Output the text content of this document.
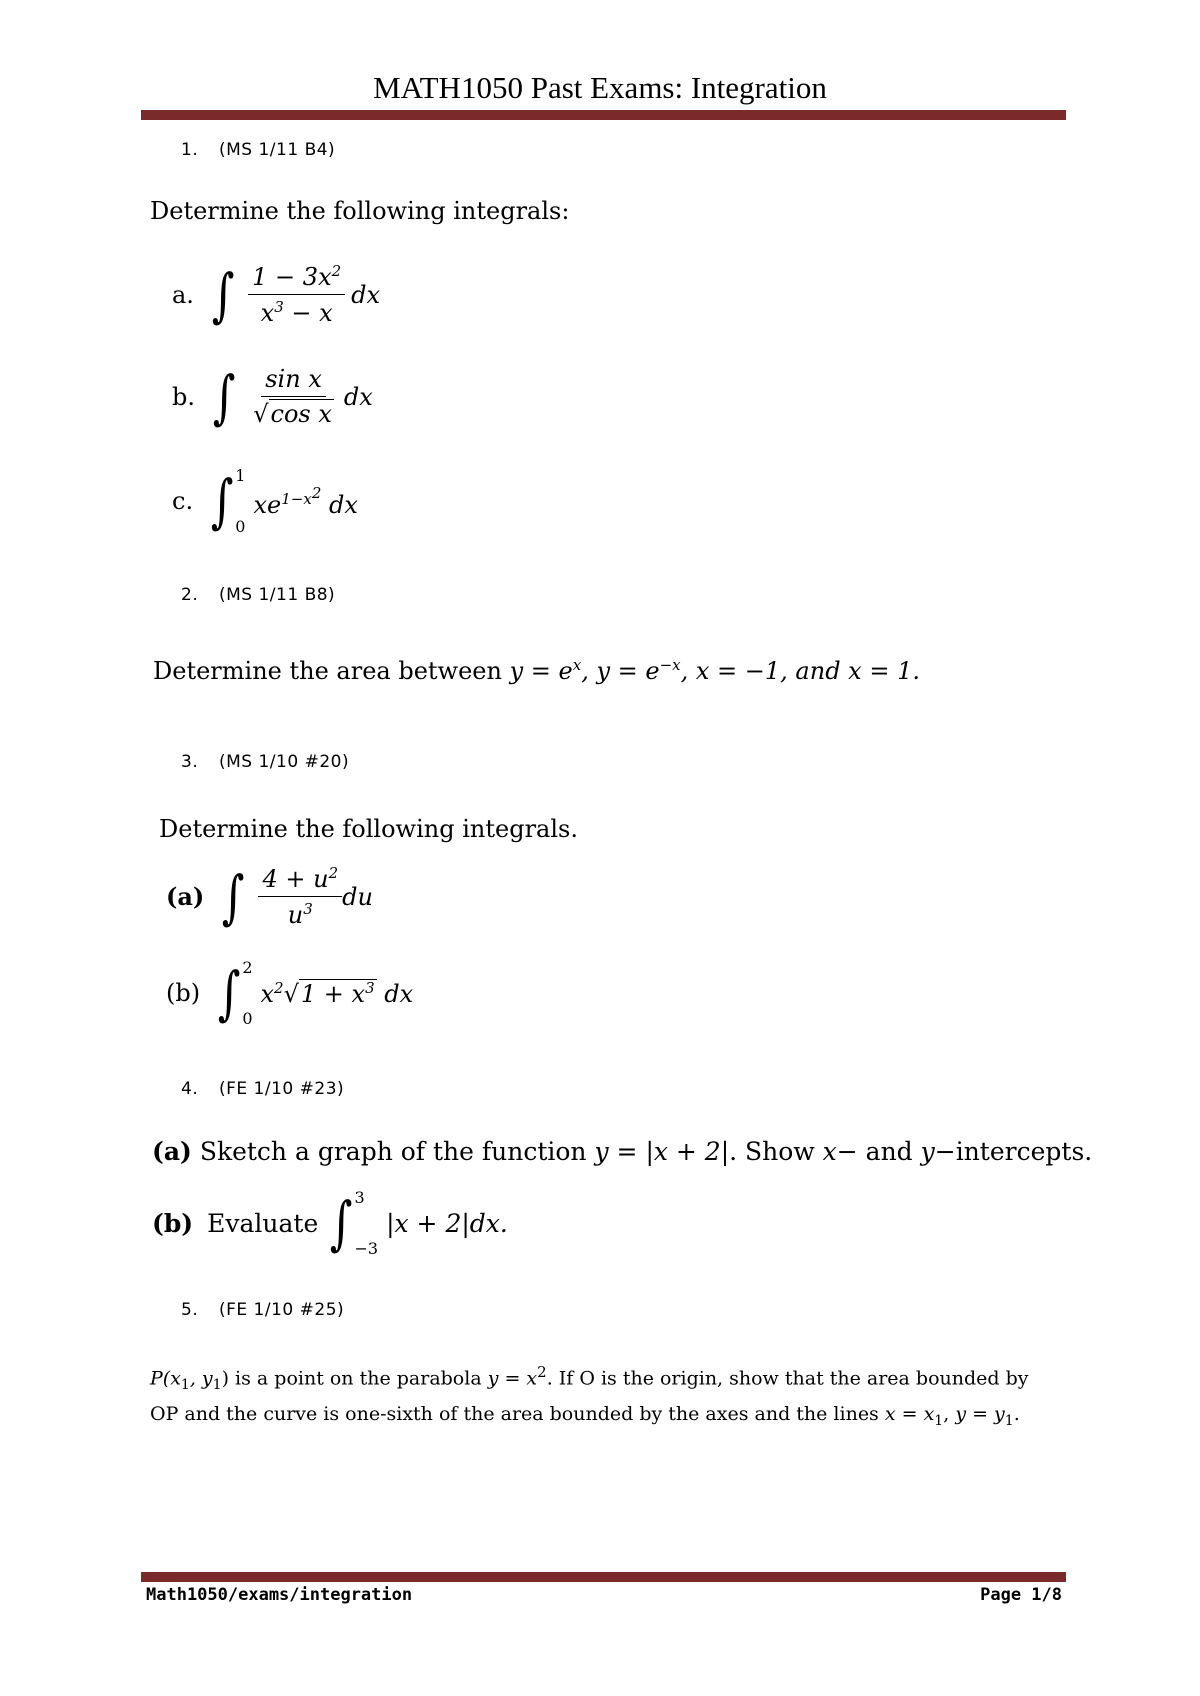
MATH1050 Past Exams: Integration
1. (MS 1/11 B4)
Determine the following integrals:
a. ∫ $\frac{1 - 3x^2}{x^3 - x}$ dx
b. ∫ $\frac{\text{sin x}}{\text{√cos x}}$ dx
c. ∫ 1
0
$xe^{1-x^2}$ dx
2. (MS 1/11 B8)
Determine the area between $y = e^x$, $y = e^{-x}$, x = −1, and x = 1.
3. (MS 1/10 #20)
Determine the following integrals.
(a) ∫ $\frac{4 + u^2}{u^3}$ du
(b) ∫ 2
0
$x^2√1 + x^3$ dx
4. (FE 1/10 #23)
(a) Sketch a graph of the function y = |x + 2|. Show x− and y−intercepts.
(b) Evaluate ∫ 3
−3
|x + 2|dx.
5. (FE 1/10 #25)
$P(x_1$, $y_1$) is a point on the parabola $y = x^2$. If O is the origin, show that the area bounded by
OP and the curve is one-sixth of the area bounded by the axes and the lines $x = x_1$, $y = y_1$.
Math1050/exams/integration	Page 1/8
